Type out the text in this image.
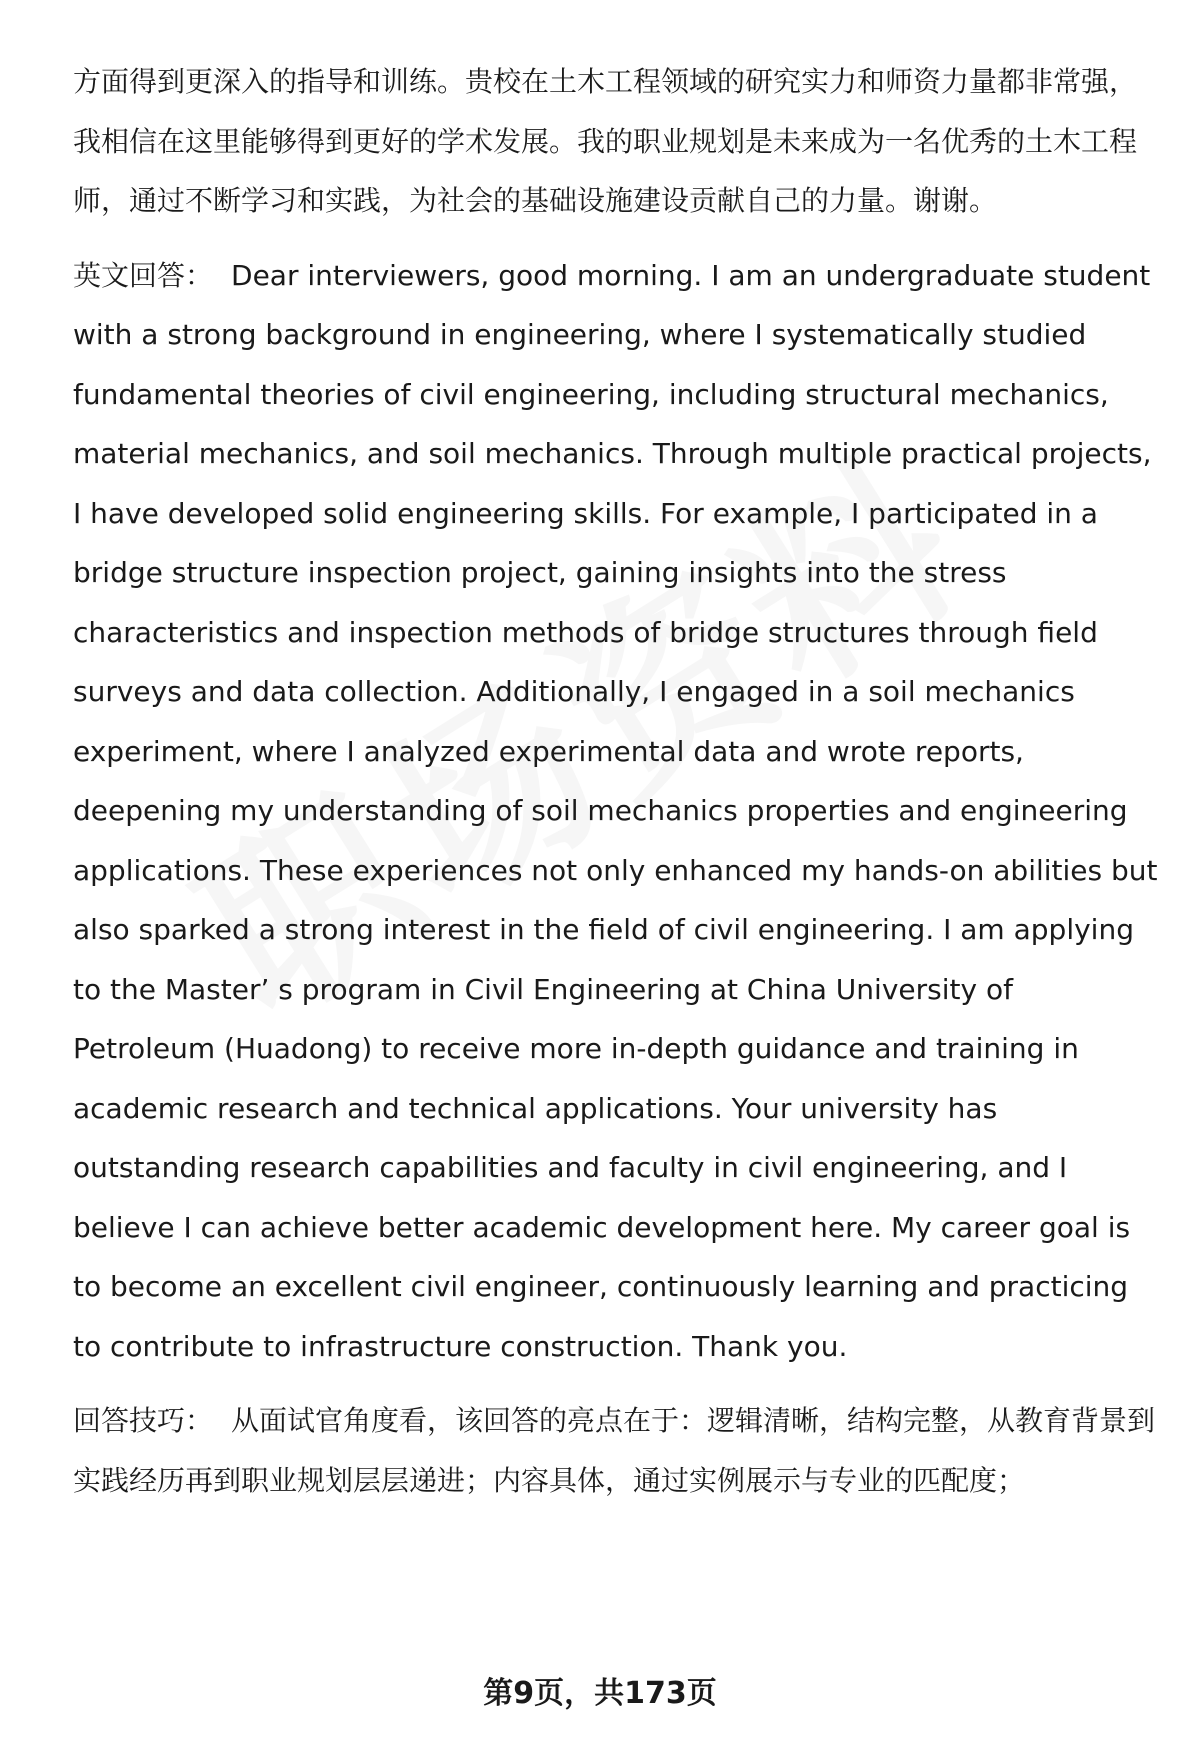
方面得到更深入的指导和训练。贵校在土木工程领域的研究实力和师资力量都非常强，我相信在这里能够得到更好的学术发展。我的职业规划是未来成为一名优秀的土木工程师，通过不断学习和实践，为社会的基础设施建设贡献自己的力量。谢谢。

英文回答： Dear interviewers, good morning. I am an undergraduate student with a strong background in engineering, where I systematically studied fundamental theories of civil engineering, including structural mechanics, material mechanics, and soil mechanics. Through multiple practical projects, I have developed solid engineering skills. For example, I participated in a bridge structure inspection project, gaining insights into the stress characteristics and inspection methods of bridge structures through field surveys and data collection. Additionally, I engaged in a soil mechanics experiment, where I analyzed experimental data and wrote reports, deepening my understanding of soil mechanics properties and engineering applications. These experiences not only enhanced my hands-on abilities but also sparked a strong interest in the field of civil engineering. I am applying to the Master’ s program in Civil Engineering at China University of Petroleum (Huadong) to receive more in-depth guidance and training in academic research and technical applications. Your university has outstanding research capabilities and faculty in civil engineering, and I believe I can achieve better academic development here. My career goal is to become an excellent civil engineer, continuously learning and practicing to contribute to infrastructure construction. Thank you.

回答技巧： 从面试官角度看，该回答的亮点在于：逻辑清晰，结构完整，从教育背景到实践经历再到职业规划层层递进；内容具体，通过实例展示与专业的匹配度；

第9页，共173页
